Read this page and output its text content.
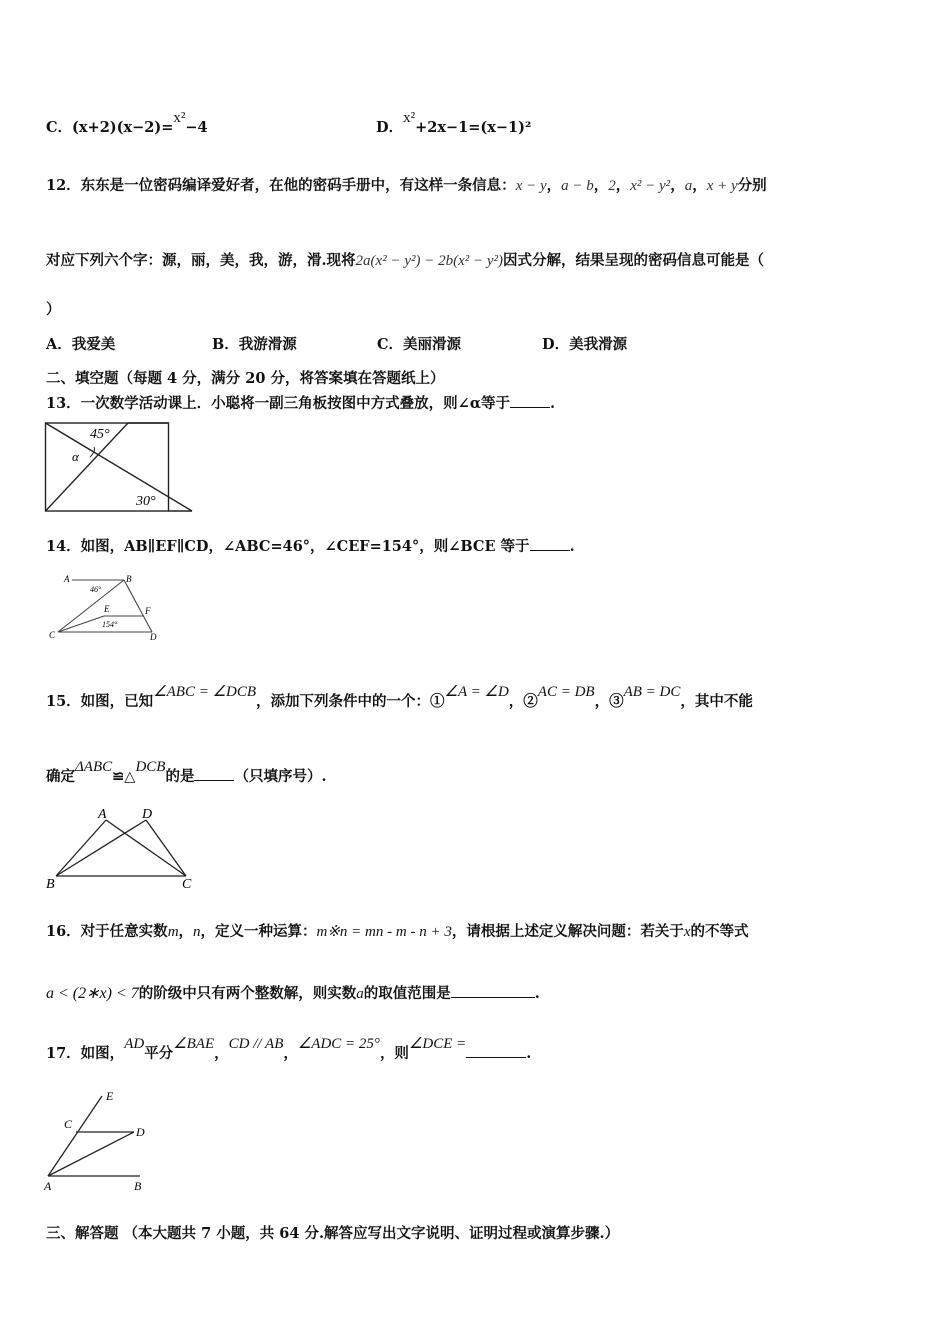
C．(x+2)(x−2)=x²−4	D．x²+2x−1=(x−1)²
12．东东是一位密码编译爱好者，在他的密码手册中，有这样一条信息：x − y，a − b，2，x² − y²，a，x + y分别
对应下列六个字：源，丽，美，我，游，滑.现将2a(x² − y²) − 2b(x² − y²)因式分解，结果呈现的密码信息可能是（
）
A．我爱美	B．我游滑源	C．美丽滑源	D．美我滑源
二、填空题（每题 4 分，满分 20 分，将答案填在答题纸上）
13．一次数学活动课上．小聪将一副三角板按图中方式叠放，则∠α等于	.
45°
α
30°
14．如图，AB∥EF∥CD，∠ABC=46°，∠CEF=154°，则∠BCE 等于	.
A	B
46°
E	F
154°
C	D
15．如图，已知∠ABC = ∠DCB，添加下列条件中的一个：①∠A = ∠D，②AC = DB，③AB = DC，其中不能
确定ΔABC≌△DCB的是	（只填序号）.
A	D
B	C
16．对于任意实数m，n，定义一种运算：m※n = mn - m - n + 3，请根据上述定义解决问题：若关于x的不等式
a < (2∗x) < 7的阶级中只有两个整数解，则实数a的取值范围是	.
17．如图，AD平分∠BAE，CD // AB，∠ADC = 25°，则∠DCE =.
E
C
D
A	B
三、解答题 （本大题共 7 小题，共 64 分.解答应写出文字说明、证明过程或演算步骤.）
